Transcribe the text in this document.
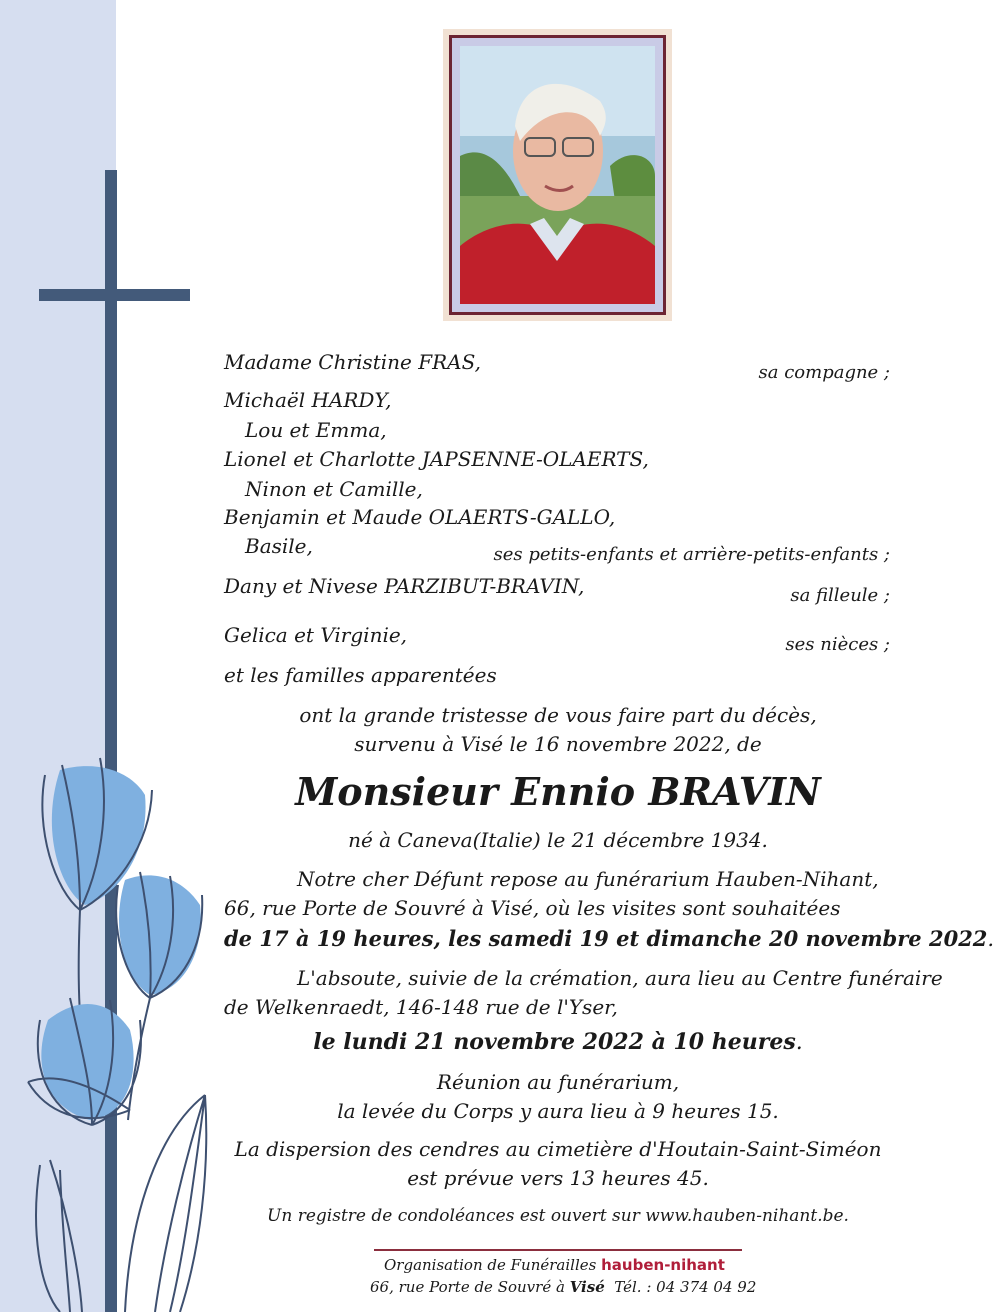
Madame Christine FRAS,	sa compagne ;
Michaël HARDY,
Lou et Emma,
Lionel et Charlotte JAPSENNE-OLAERTS,
Ninon et Camille,
Benjamin et Maude OLAERTS-GALLO,
Basile,	ses petits-enfants et arrière-petits-enfants ;
Dany et Nivese PARZIBUT-BRAVIN,	sa filleule ;
Gelica et Virginie,	ses nièces ;
et les familles apparentées
ont la grande tristesse de vous faire part du décès,
survenu à Visé le 16 novembre 2022, de
Monsieur Ennio BRAVIN
né à Caneva(Italie) le 21 décembre 1934.
Notre cher Défunt repose au funérarium Hauben-Nihant,
66, rue Porte de Souvré à Visé, où les visites sont souhaitées
de 17 à 19 heures, les samedi 19 et dimanche 20 novembre 2022.
L'absoute, suivie de la crémation, aura lieu au Centre funéraire
de Welkenraedt, 146-148 rue de l'Yser,
le lundi 21 novembre 2022 à 10 heures.
Réunion au funérarium,
la levée du Corps y aura lieu à 9 heures 15.
La dispersion des cendres au cimetière d'Houtain-Saint-Siméon
est prévue vers 13 heures 45.
Un registre de condoléances est ouvert sur www.hauben-nihant.be.
Organisation de Funérailles hauben-nihant
66, rue Porte de Souvré à Visé Tél. : 04 374 04 92
